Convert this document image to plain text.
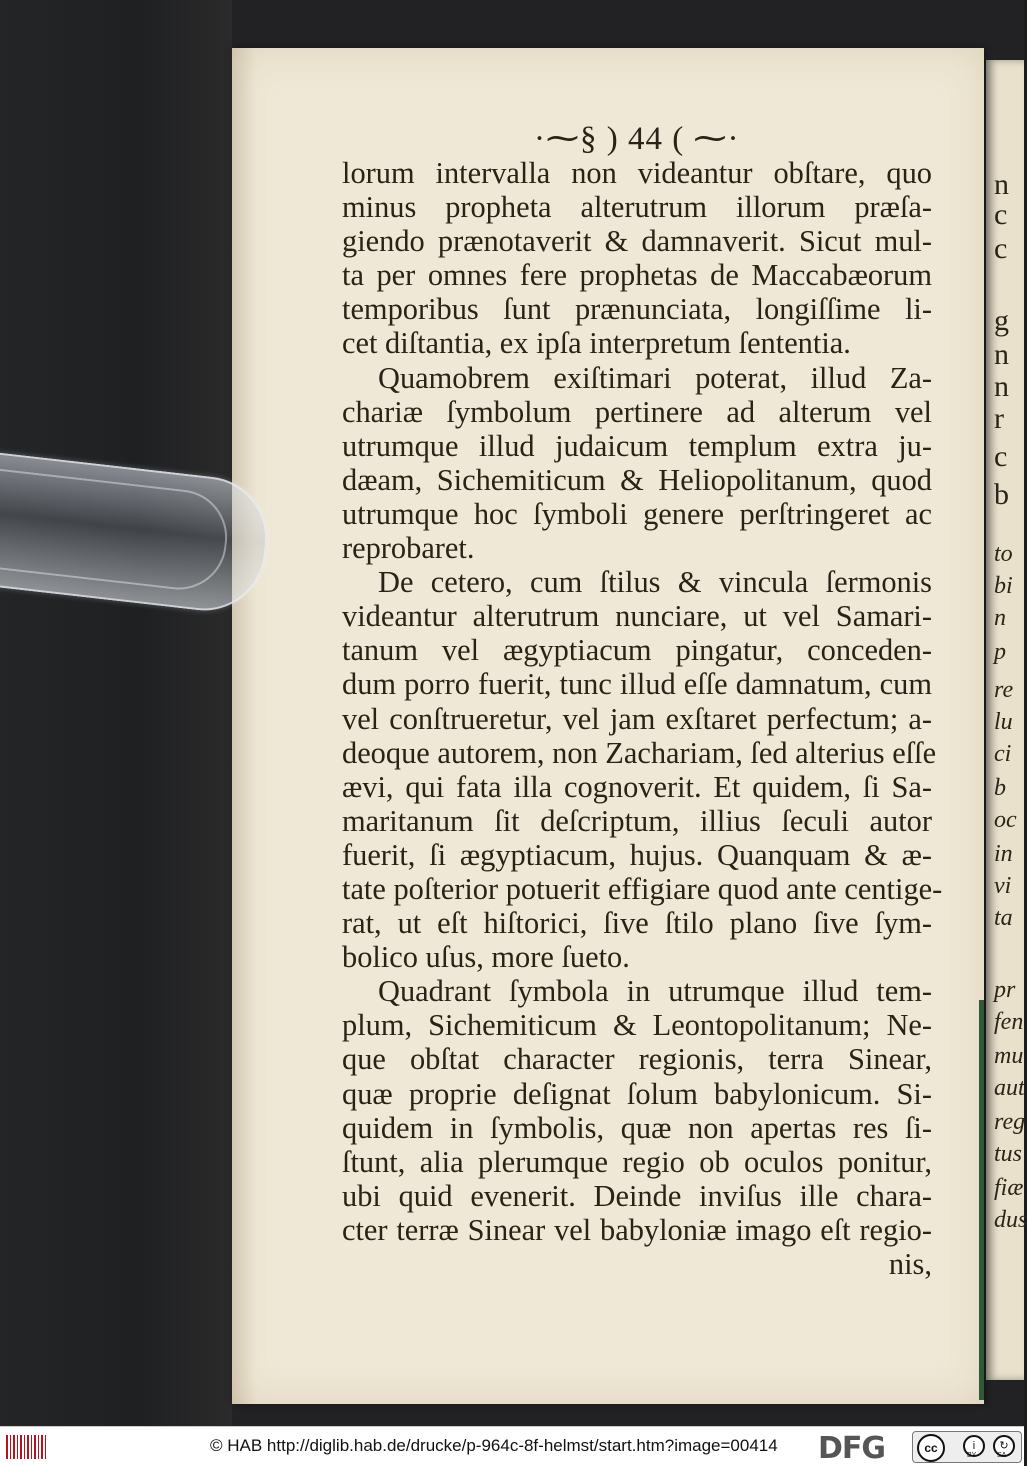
n
c
c
g
n
n
r
c
b
to
bi
n
p
re
lu
ci
b
oc
in
vi
ta
pr
fen
mu
aut
reg
tus
fiæ
dus
·⁓§ ) 44 ( ⁓·
lorum intervalla non videantur obſtare, quo
minus propheta alterutrum illorum præſa-
giendo prænotaverit & damnaverit. Sicut mul-
ta per omnes fere prophetas de Maccabæorum
temporibus ſunt prænunciata, longiſſime li-
cet diſtantia, ex ipſa interpretum ſententia.
Quamobrem exiſtimari poterat, illud Za-
chariæ ſymbolum pertinere ad alterum vel
utrumque illud judaicum templum extra ju-
dæam, Sichemiticum & Heliopolitanum, quod
utrumque hoc ſymboli genere perſtringeret ac
reprobaret.
De cetero, cum ſtilus & vincula ſermonis
videantur alterutrum nunciare, ut vel Samari-
tanum vel ægyptiacum pingatur, conceden-
dum porro fuerit, tunc illud eſſe damnatum, cum
vel conſtrueretur, vel jam exſtaret perfectum; a-
deoque autorem, non Zachariam, ſed alterius eſſe
ævi, qui fata illa cognoverit. Et quidem, ſi Sa-
maritanum ſit deſcriptum, illius ſeculi autor
fuerit, ſi ægyptiacum, hujus. Quanquam & æ-
tate poſterior potuerit effigiare quod ante centige-
rat, ut eſt hiſtorici, ſive ſtilo plano ſive ſym-
bolico uſus, more ſueto.
Quadrant ſymbola in utrumque illud tem-
plum, Sichemiticum & Leontopolitanum; Ne-
que obſtat character regionis, terra Sinear,
quæ proprie deſignat ſolum babylonicum. Si-
quidem in ſymbolis, quæ non apertas res ſi-
ſtunt, alia plerumque regio ob oculos ponitur,
ubi quid evenerit. Deinde inviſus ille chara-
cter terræ Sinear vel babyloniæ imago eſt regio-
nis,
© HAB http://diglib.hab.de/drucke/p-964c-8f-helmst/start.htm?image=00414 DFG	cc	i	↻
BY	SA
